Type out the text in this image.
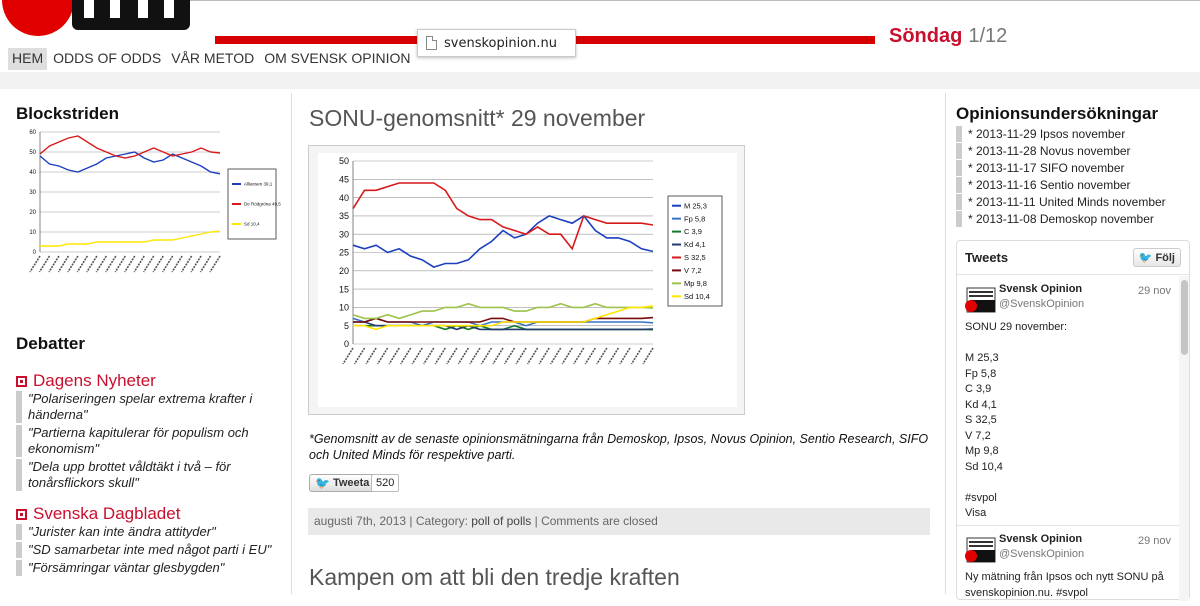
svenskopinion.nu	Söndag 1/12
HEM ODDS OF ODDS VÅR METOD OM SVENSK OPINION
Blockstriden
0
10
20
30
40
50
60
Alliansen 39,1
De Rödgröna 49,5
Sd 10,4
Debatter
Dagens Nyheter
"Polariseringen spelar extrema krafter i händerna"
"Partierna kapitulerar för populism och ekonomism"
"Dela upp brottet våldtäkt i två – för tonårsflickors skull"
Svenska Dagbladet
"Jurister kan inte ändra attityder"
"SD samarbetar inte med något parti i EU"
"Försämringar väntar glesbygden"
SONU-genomsnitt* 29 november
0
5
10
15
20
25
30
35
40
45
50
M 25,3
Fp 5,8
C 3,9
Kd 4,1
S 32,5
V 7,2
Mp 9,8
Sd 10,4
*Genomsnitt av de senaste opinionsmätningarna från Demoskop, Ipsos, Novus Opinion, Sentio Research, SIFO och United Minds för respektive parti.
🐦 Tweeta 520
augusti 7th, 2013 | Category: poll of polls | Comments are closed
Kampen om att bli den tredje kraften
Opinionsundersökningar
* 2013-11-29 Ipsos november
* 2013-11-28 Novus november
* 2013-11-17 SIFO november
* 2013-11-16 Sentio november
* 2013-11-11 United Minds november
* 2013-11-08 Demoskop november
Tweets	🐦 Följ
Svensk Opinion
@SvenskOpinion
29 nov
SONU 29 november:

M 25,3
Fp 5,8
C 3,9
Kd 4,1
S 32,5
V 7,2
Mp 9,8
Sd 10,4

#svpol
Visa
Svensk Opinion
@SvenskOpinion
29 nov
Ny mätning från Ipsos och nytt SONU på svenskopinion.nu. #svpol
